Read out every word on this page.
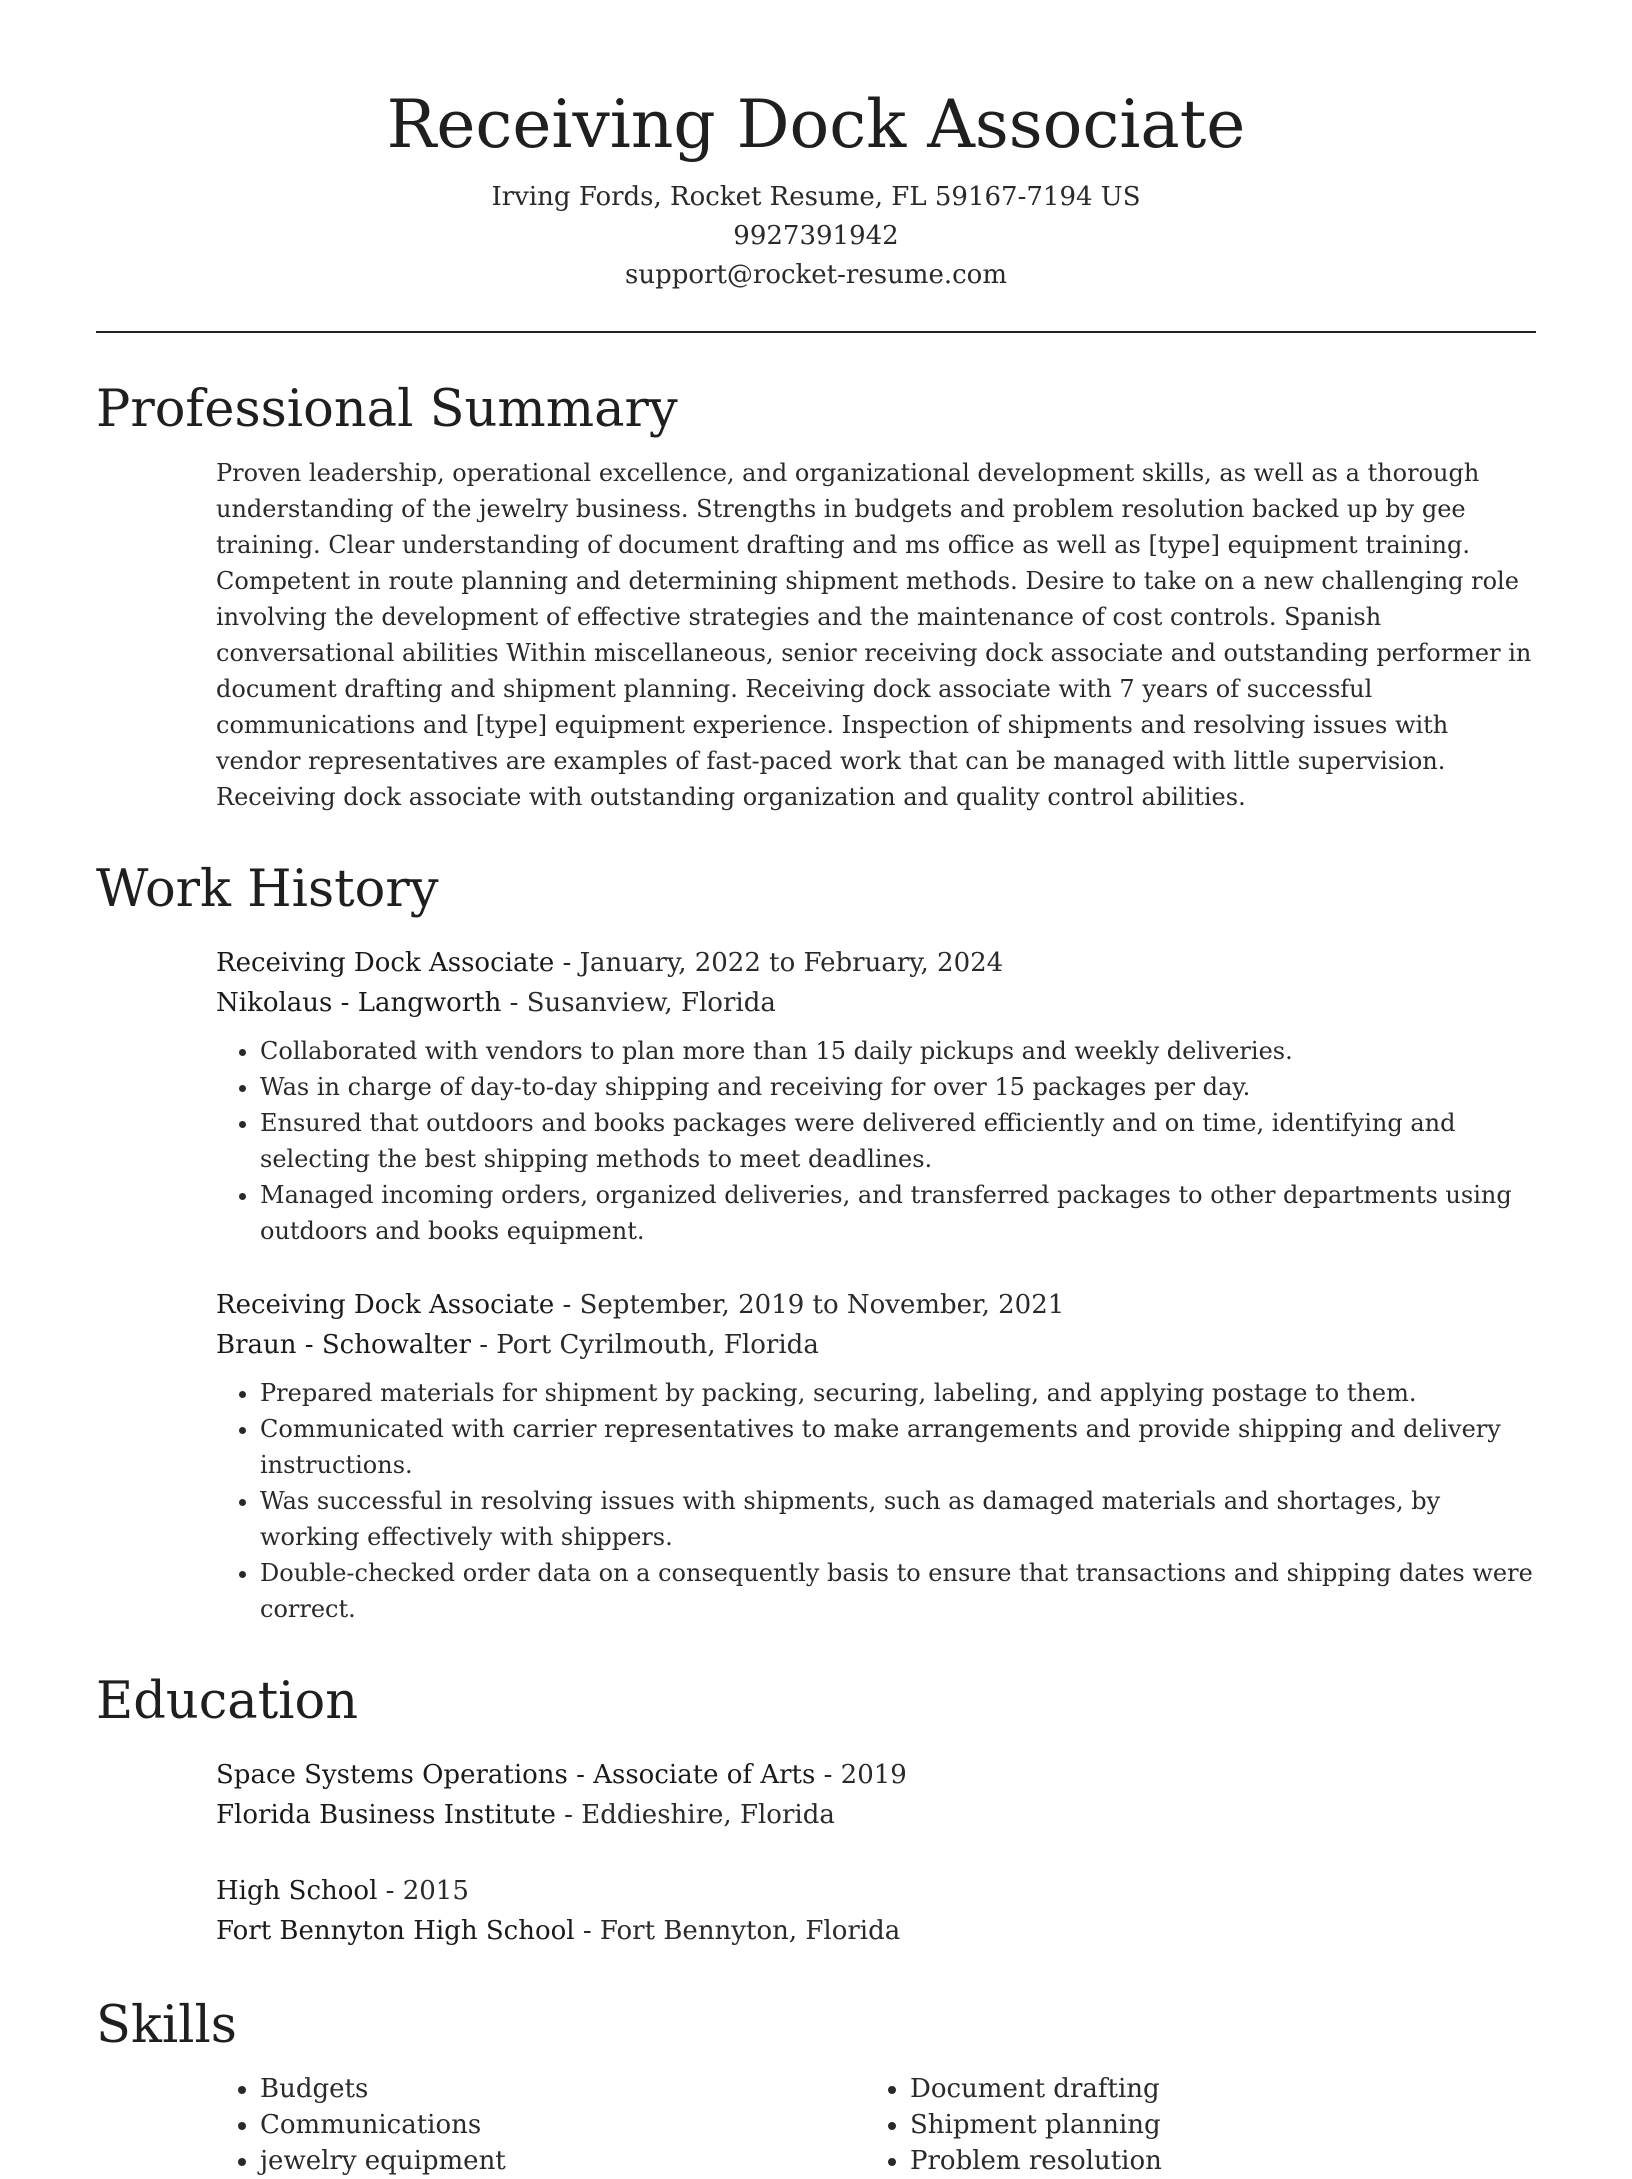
Receiving Dock Associate
Irving Fords, Rocket Resume, FL 59167-7194 US
9927391942
support@rocket-resume.com
Professional Summary
Proven leadership, operational excellence, and organizational development skills, as well as a thorough understanding of the jewelry business. Strengths in budgets and problem resolution backed up by gee training. Clear understanding of document drafting and ms office as well as [type] equipment training. Competent in route planning and determining shipment methods. Desire to take on a new challenging role involving the development of effective strategies and the maintenance of cost controls. Spanish conversational abilities Within miscellaneous, senior receiving dock associate and outstanding performer in document drafting and shipment planning. Receiving dock associate with 7 years of successful communications and [type] equipment experience. Inspection of shipments and resolving issues with vendor representatives are examples of fast-paced work that can be managed with little supervision. Receiving dock associate with outstanding organization and quality control abilities.
Work History
Receiving Dock Associate - January, 2022 to February, 2024
Nikolaus - Langworth - Susanview, Florida
• Collaborated with vendors to plan more than 15 daily pickups and weekly deliveries.
• Was in charge of day-to-day shipping and receiving for over 15 packages per day.
• Ensured that outdoors and books packages were delivered efficiently and on time, identifying and selecting the best shipping methods to meet deadlines.
• Managed incoming orders, organized deliveries, and transferred packages to other departments using outdoors and books equipment.
Receiving Dock Associate - September, 2019 to November, 2021
Braun - Schowalter - Port Cyrilmouth, Florida
• Prepared materials for shipment by packing, securing, labeling, and applying postage to them.
• Communicated with carrier representatives to make arrangements and provide shipping and delivery instructions.
• Was successful in resolving issues with shipments, such as damaged materials and shortages, by working effectively with shippers.
• Double-checked order data on a consequently basis to ensure that transactions and shipping dates were correct.
Education
Space Systems Operations - Associate of Arts - 2019
Florida Business Institute - Eddieshire, Florida
High School - 2015
Fort Bennyton High School - Fort Bennyton, Florida
Skills
• Budgets
• Communications
• jewelry equipment
• Document drafting
• Shipment planning
• Problem resolution
